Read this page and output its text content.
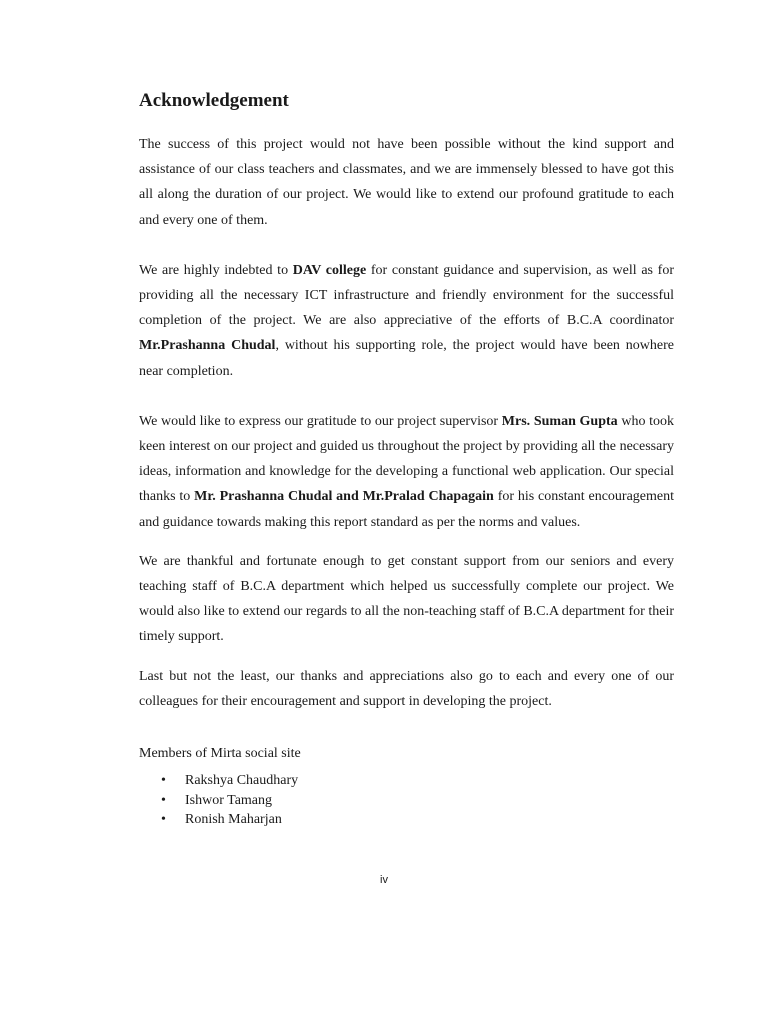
Acknowledgement

The success of this project would not have been possible without the kind support and assistance of our class teachers and classmates, and we are immensely blessed to have got this all along the duration of our project. We would like to extend our profound gratitude to each and every one of them.

We are highly indebted to DAV college for constant guidance and supervision, as well as for providing all the necessary ICT infrastructure and friendly environment for the successful completion of the project. We are also appreciative of the efforts of B.C.A coordinator Mr.Prashanna Chudal, without his supporting role, the project would have been nowhere near completion.

We would like to express our gratitude to our project supervisor Mrs. Suman Gupta who took keen interest on our project and guided us throughout the project by providing all the necessary ideas, information and knowledge for the developing a functional web application. Our special thanks to Mr. Prashanna Chudal and Mr.Pralad Chapagain for his constant encouragement and guidance towards making this report standard as per the norms and values.

We are thankful and fortunate enough to get constant support from our seniors and every teaching staff of B.C.A department which helped us successfully complete our project. We would also like to extend our regards to all the non-teaching staff of B.C.A department for their timely support.

Last but not the least, our thanks and appreciations also go to each and every one of our colleagues for their encouragement and support in developing the project.

Members of Mirta social site

• Rakshya Chaudhary
• Ishwor Tamang
• Ronish Maharjan
iv
